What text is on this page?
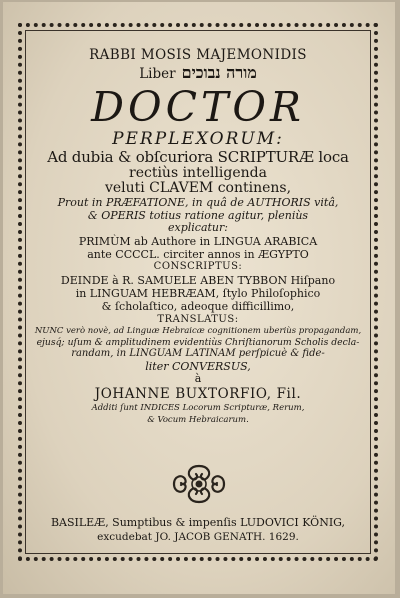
RABBI MOSIS MAJEMONIDIS
Liber מורה נבוכים
DOCTOR
PERPLEXORUM:
Ad dubia & obſcuriora SCRIPTURÆ loca
rectiùs intelligenda
veluti CLAVEM continens,
Prout in PRÆFATIONE, in quâ de AUTHORIS vitâ,
& OPERIS totius ratione agitur, pleniùs
explicatur:
PRIMÙM ab Authore in LINGUA ARABICA
ante CCCCL. circiter annos in ÆGYPTO
CONSCRIPTUS:
DEINDE à R. SAMUELE ABEN TYBBON Hiſpano
in LINGUAM HEBRÆAM, ſtylo Philoſophico
& ſcholaſtico, adeoque difficillimo,
TRANSLATUS:
NUNC verò novè, ad Linguæ Hebraicæ cognitionem uberiùs propagandam,
ejusq́; uſum & amplitudinem evidentiùs Chriſtianorum Scholis decla-
randam, in LINGUAM LATINAM perſpicuè & fide-
liter CONVERSUS,
à
JOHANNE BUXTORFIO, Fil.
Additi ſunt INDICES Locorum Scripturæ, Rerum,
& Vocum Hebraicarum.
BASILEÆ, Sumptibus & impenſis LUDOVICI KÖNIG,
excudebat JO. JACOB GENATH. 1629.
